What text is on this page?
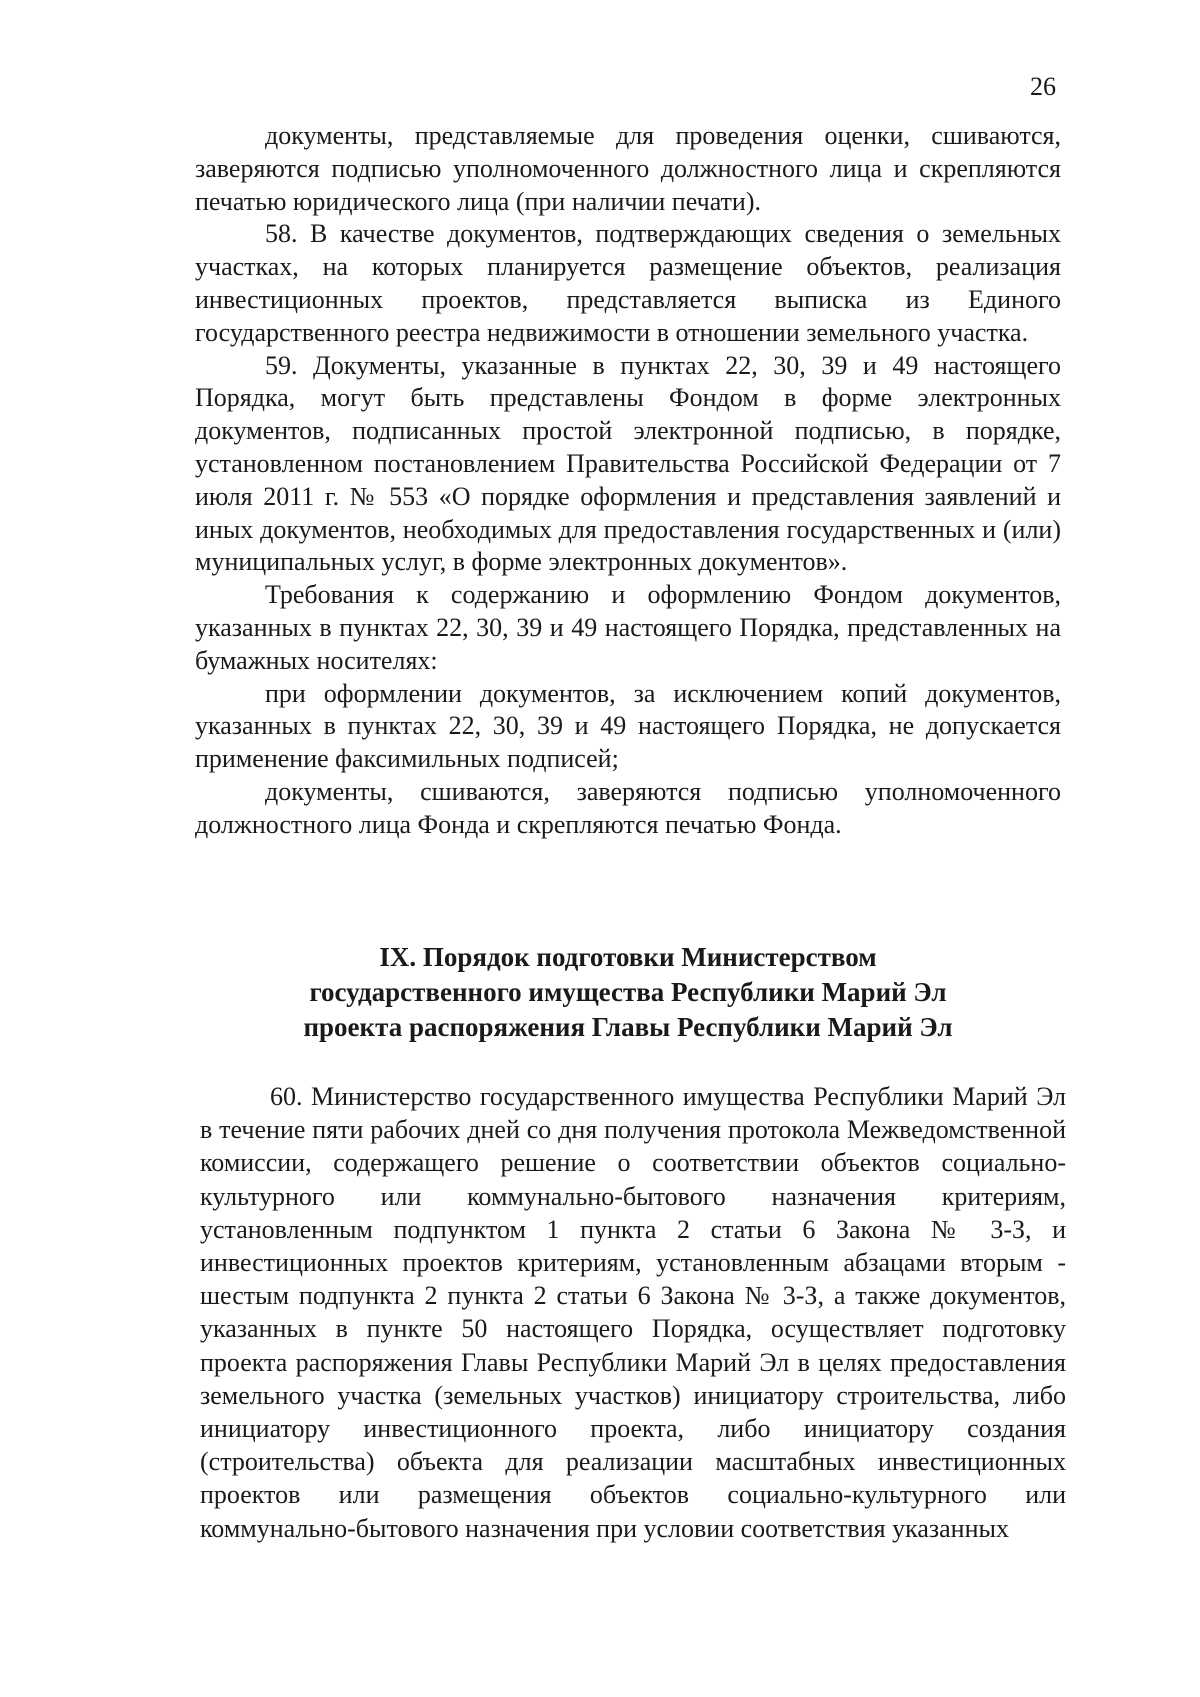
26

документы, представляемые для проведения оценки, сшиваются, заверяются подписью уполномоченного должностного лица и скрепляются печатью юридического лица (при наличии печати).

58. В качестве документов, подтверждающих сведения о земельных участках, на которых планируется размещение объектов, реализация инвестиционных проектов, представляется выписка из Единого государственного реестра недвижимости в отношении земельного участка.

59. Документы, указанные в пунктах 22, 30, 39 и 49 настоящего Порядка, могут быть представлены Фондом в форме электронных документов, подписанных простой электронной подписью, в порядке, установленном постановлением Правительства Российской Федерации от 7 июля 2011 г. № 553 «О порядке оформления и представления заявлений и иных документов, необходимых для предоставления государственных и (или) муниципальных услуг, в форме электронных документов».

Требования к содержанию и оформлению Фондом документов, указанных в пунктах 22, 30, 39 и 49 настоящего Порядка, представленных на бумажных носителях:

при оформлении документов, за исключением копий документов, указанных в пунктах 22, 30, 39 и 49 настоящего Порядка, не допускается применение факсимильных подписей;

документы, сшиваются, заверяются подписью уполномоченного должностного лица Фонда и скрепляются печатью Фонда.

IX. Порядок подготовки Министерством
государственного имущества Республики Марий Эл
проекта распоряжения Главы Республики Марий Эл

60. Министерство государственного имущества Республики Марий Эл в течение пяти рабочих дней со дня получения протокола Межведомственной комиссии, содержащего решение о соответствии объектов социально-культурного или коммунально-бытового назначения критериям, установленным подпунктом 1 пункта 2 статьи 6 Закона № 3-З, и инвестиционных проектов критериям, установленным абзацами вторым - шестым подпункта 2 пункта 2 статьи 6 Закона № 3-З, а также документов, указанных в пункте 50 настоящего Порядка, осуществляет подготовку проекта распоряжения Главы Республики Марий Эл в целях предоставления земельного участка (земельных участков) инициатору строительства, либо инициатору инвестиционного проекта, либо инициатору создания (строительства) объекта для реализации масштабных инвестиционных проектов или размещения объектов социально-культурного или коммунально-бытового назначения при условии соответствия указанных
